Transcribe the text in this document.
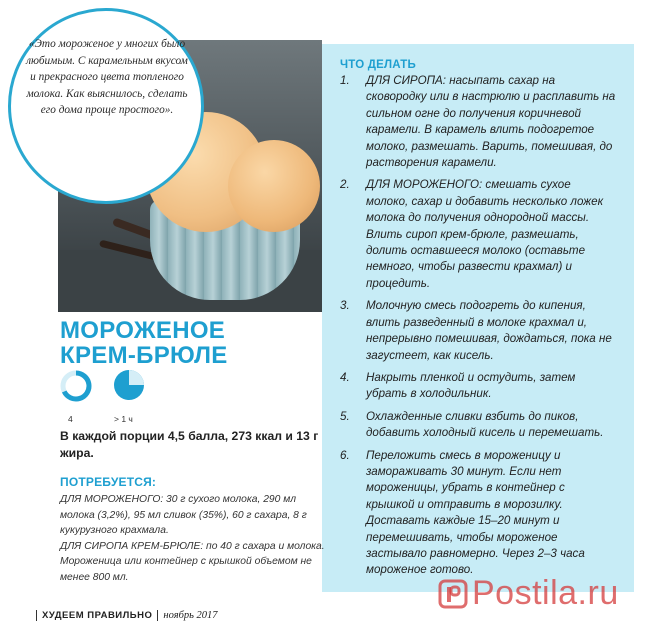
«Это мороженое у многих было любимым. С карамельным вкусом и прекрасного цвета топленого молока. Как выяснилось, сделать его дома проще простого».

МОРОЖЕНОЕ
КРЕМ-БРЮЛЕ
4	> 1 ч

В каждой порции 4,5 балла, 273 ккал и 13 г жира.

ПОТРЕБУЕТСЯ:

ДЛЯ МОРОЖЕНОГО: 30 г сухого молока, 290 мл молока (3,2%), 95 мл сливок (35%), 60 г сахара, 8 г кукурузного крахмала.

ДЛЯ СИРОПА КРЕМ-БРЮЛЕ: по 40 г сахара и молока. Мороженица или контейнер с крышкой объемом не менее 800 мл.

ЧТО ДЕЛАТЬ
1.	ДЛЯ СИРОПА: насыпать сахар на сковородку или в настрюлю и расплавить на сильном огне до получения коричневой карамели. В карамель влить подогретое молоко, размешать. Варить, помешивая, до растворения карамели.
2.	ДЛЯ МОРОЖЕНОГО: смешать сухое молоко, сахар и добавить несколько ложек молока до получения однородной массы. Влить сироп крем-брюле, размешать, долить оставшееся молоко (оставьте немного, чтобы развести крахмал) и процедить.
3.	Молочную смесь подогреть до кипения, влить разведенный в молоке крахмал и, непрерывно помешивая, дождаться, пока не загустеет, как кисель.
4.	Накрыть пленкой и остудить, затем убрать в холодильник.
5.	Охлажденные сливки взбить до пиков, добавить холодный кисель и перемешать.
6.	Переложить смесь в мороженицу и замораживать 30 минут. Если нет мороженицы, убрать в контейнер с крышкой и отправить в морозилку. Доставать каждые 15–20 минут и перемешивать, чтобы мороженое застывало равномерно. Через 2–3 часа мороженое готово.
ХУДЕЕМ ПРАВИЛЬНО ноябрь 2017
Postila.ru
